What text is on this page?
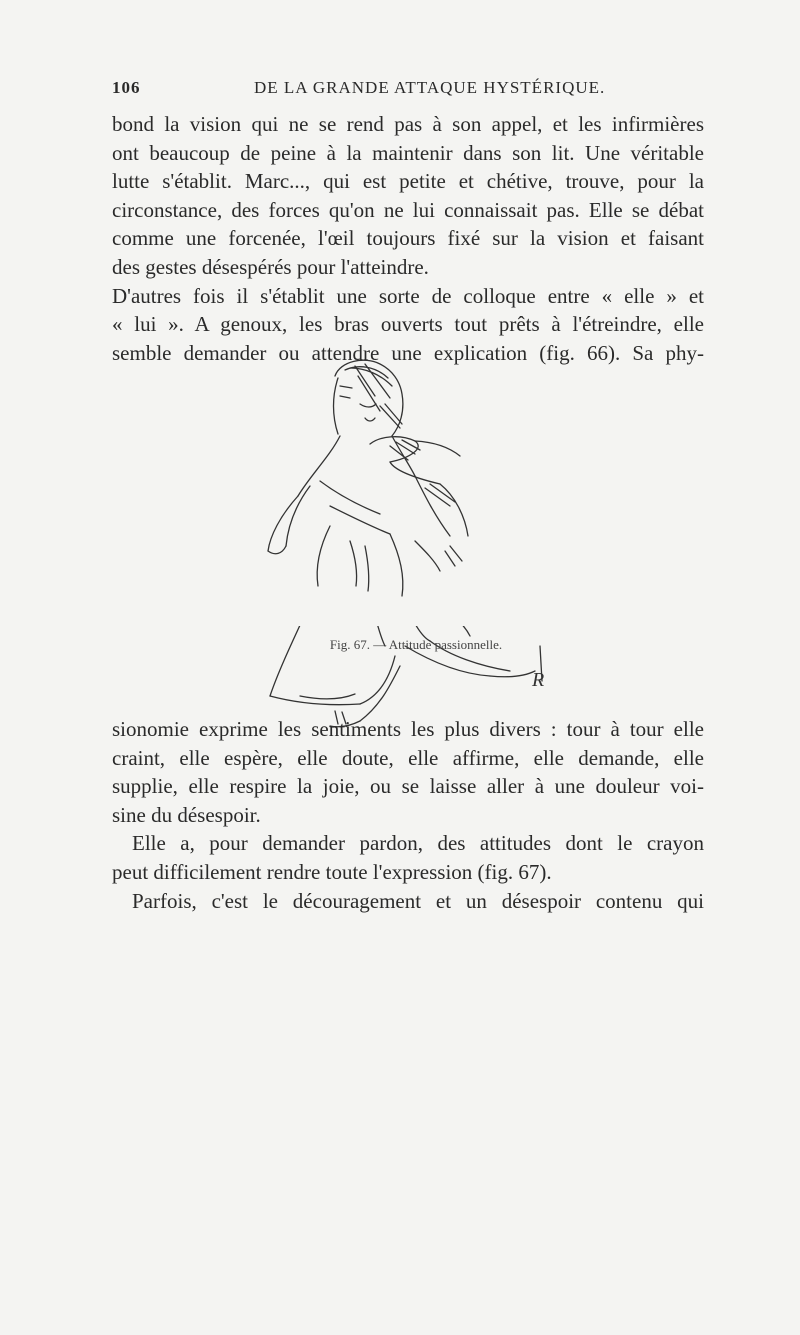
106	DE LA GRANDE ATTAQUE HYSTÉRIQUE.

bond la vision qui ne se rend pas à son appel, et les infirmières
ont beaucoup de peine à la maintenir dans son lit. Une véritable
lutte s'établit. Marc..., qui est petite et chétive, trouve, pour la
circonstance, des forces qu'on ne lui connaissait pas. Elle se débat
comme une forcenée, l'œil toujours fixé sur la vision et faisant
des gestes désespérés pour l'atteindre.

D'autres fois il s'établit une sorte de colloque entre « elle » et
« lui ». A genoux, les bras ouverts tout prêts à l'étreindre, elle
semble demander ou attendre une explication (fig. 66). Sa phy-

R
Fig. 67. — Attitude passionnelle.

sionomie exprime les sentiments les plus divers : tour à tour elle
craint, elle espère, elle doute, elle affirme, elle demande, elle
supplie, elle respire la joie, ou se laisse aller à une douleur voi-
sine du désespoir.

Elle a, pour demander pardon, des attitudes dont le crayon
peut difficilement rendre toute l'expression (fig. 67).

Parfois, c'est le découragement et un désespoir contenu qui
